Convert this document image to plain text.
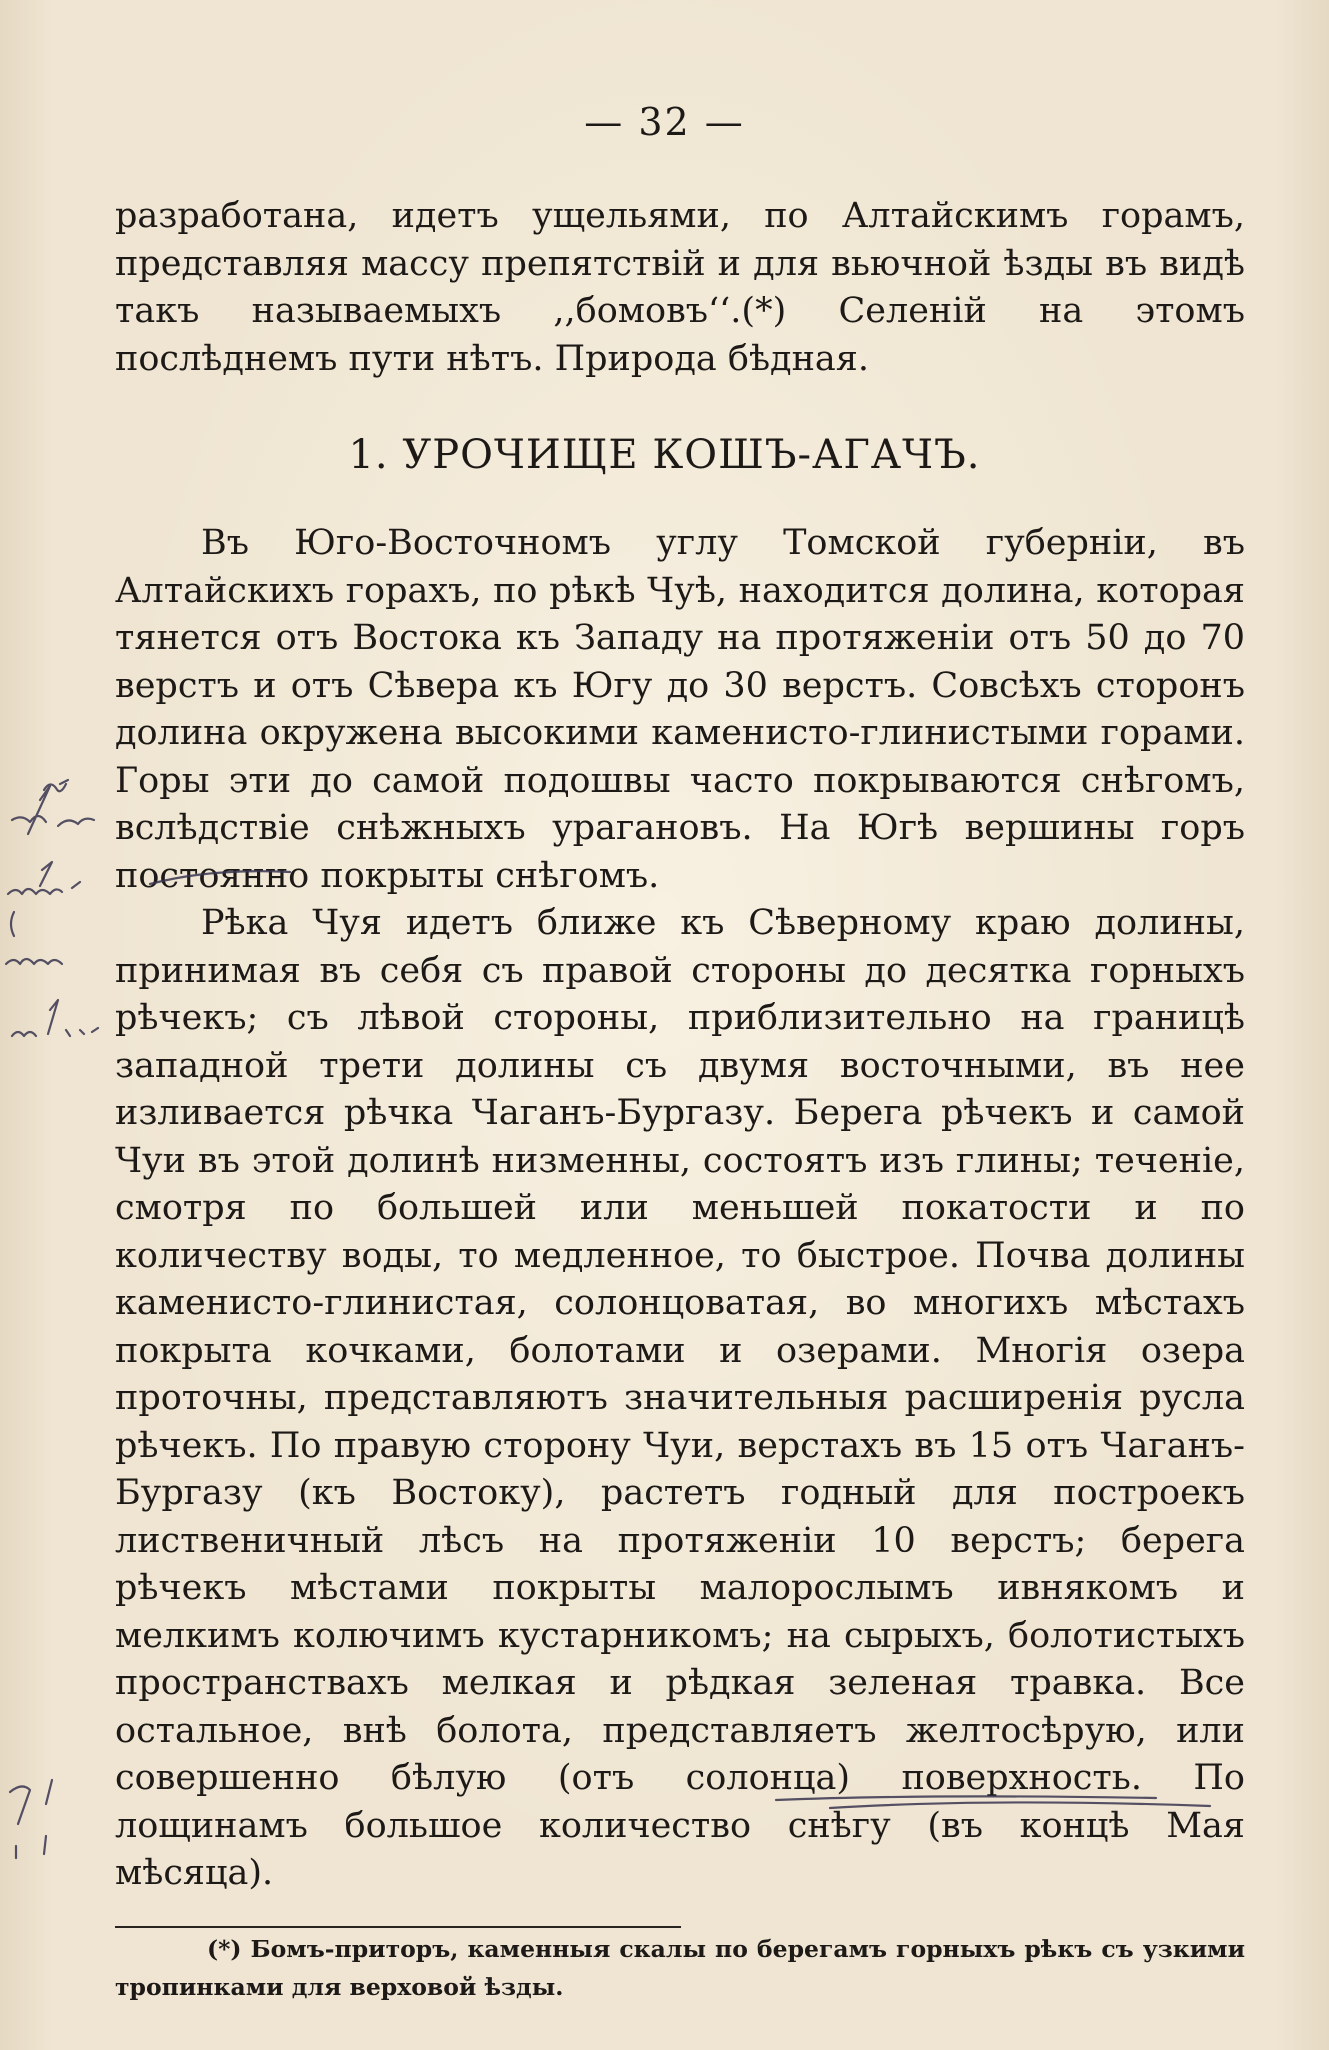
— 32 —

разработана, идетъ ущельями, по Алтайскимъ горамъ, представляя массу препятствій и для вьючной ѣзды въ видѣ такъ называемыхъ ,,бомовъ‘‘.(*) Селеній на этомъ послѣднемъ пути нѣтъ. Природа бѣдная.

1. УРОЧИЩЕ КОШЪ-АГАЧЪ.

Въ Юго-Восточномъ углу Томской губерніи, въ Алтайскихъ горахъ, по рѣкѣ Чуѣ, находится долина, которая тянется отъ Востока къ Западу на протяженіи отъ 50 до 70 верстъ и отъ Сѣвера къ Югу до 30 верстъ. Совсѣхъ сторонъ долина окружена высокими каменисто-глинистыми горами. Горы эти до самой подошвы часто покрываются снѣгомъ, вслѣдствіе снѣжныхъ урагановъ. На Югѣ вершины горъ постоянно покрыты снѣгомъ.

Рѣка Чуя идетъ ближе къ Сѣверному краю долины, принимая въ себя съ правой стороны до десятка горныхъ рѣчекъ; съ лѣвой стороны, приблизительно на границѣ западной трети долины съ двумя восточными, въ нее изливается рѣчка Чаганъ-Бургазу. Берега рѣчекъ и самой Чуи въ этой долинѣ низменны, состоятъ изъ глины; теченіе, смотря по большей или меньшей покатости и по количеству воды, то медленное, то быстрое. Почва долины каменисто-глинистая, солонцоватая, во многихъ мѣстахъ покрыта кочками, болотами и озерами. Многія озера проточны, представляютъ значительныя расширенія русла рѣчекъ. По правую сторону Чуи, верстахъ въ 15 отъ Чаганъ-Бургазу (къ Востоку), растетъ годный для построекъ лиственичный лѣсъ на протяженіи 10 верстъ; берега рѣчекъ мѣстами покрыты малорослымъ ивнякомъ и мелкимъ колючимъ кустарникомъ; на сырыхъ, болотистыхъ пространствахъ мелкая и рѣдкая зеленая травка. Все остальное, внѣ болота, представляетъ желтосѣрую, или совершенно бѣлую (отъ солонца) поверхность. По лощинамъ большое количество снѣгу (въ концѣ Мая мѣсяца).

(*) Бомъ-приторъ, каменныя скалы по берегамъ горныхъ рѣкъ съ узкими тропинками для верховой ѣзды.
